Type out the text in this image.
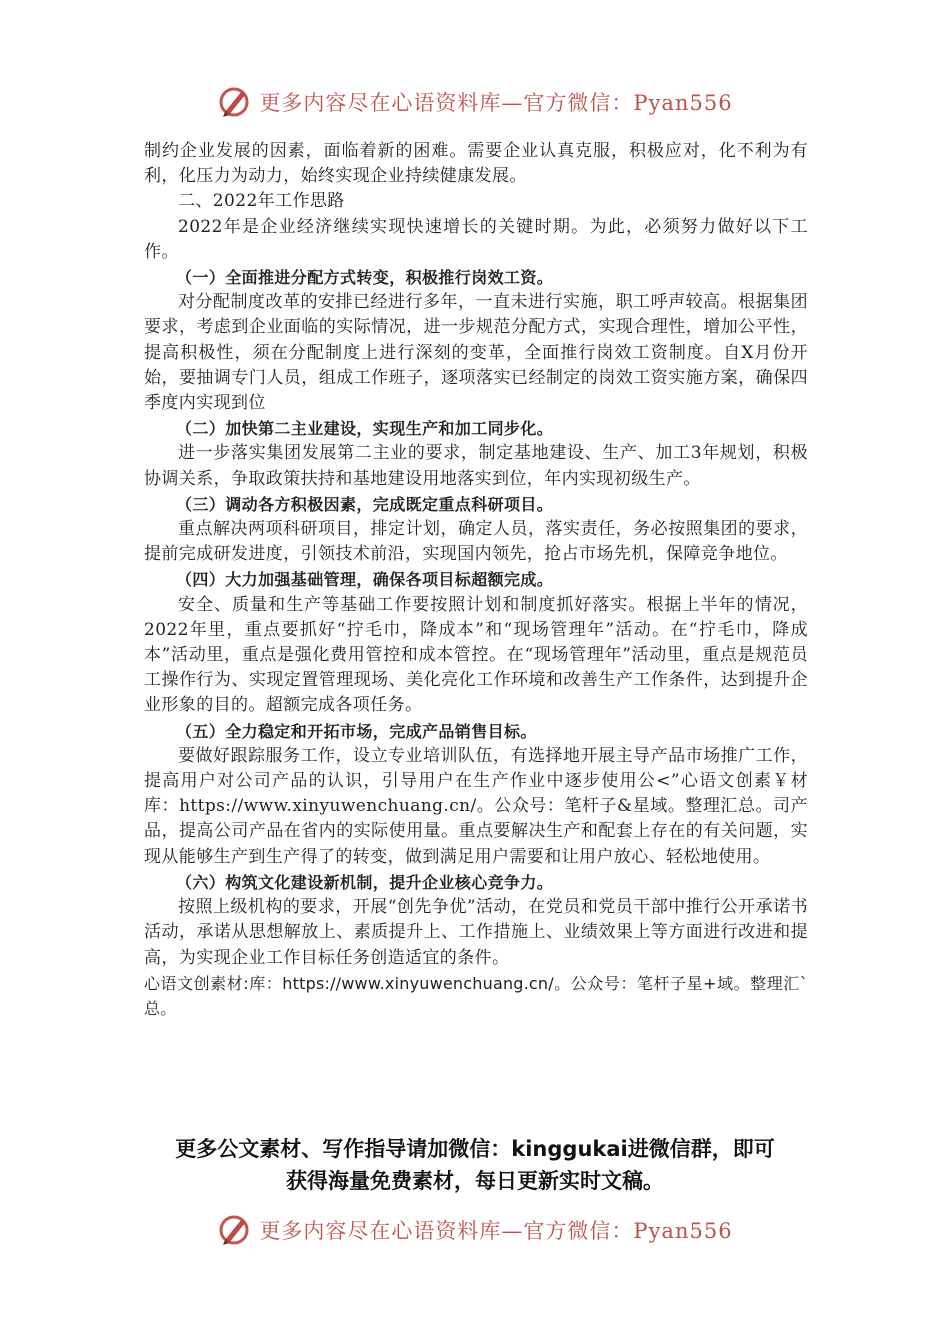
更多内容尽在心语资料库—官方微信：Pyan556

制约企业发展的因素，面临着新的困难。需要企业认真克服，积极应对，化不利为有利，化压力为动力，始终实现企业持续健康发展。

二、2022年工作思路

2022年是企业经济继续实现快速增长的关键时期。为此，必须努力做好以下工作。

（一）全面推进分配方式转变，积极推行岗效工资。

对分配制度改革的安排已经进行多年，一直未进行实施，职工呼声较高。根据集团要求，考虑到企业面临的实际情况，进一步规范分配方式，实现合理性，增加公平性，提高积极性，须在分配制度上进行深刻的变革，全面推行岗效工资制度。自X月份开始，要抽调专门人员，组成工作班子，逐项落实已经制定的岗效工资实施方案，确保四季度内实现到位

（二）加快第二主业建设，实现生产和加工同步化。

进一步落实集团发展第二主业的要求，制定基地建设、生产、加工3年规划，积极协调关系，争取政策扶持和基地建设用地落实到位，年内实现初级生产。

（三）调动各方积极因素，完成既定重点科研项目。

重点解决两项科研项目，排定计划，确定人员，落实责任，务必按照集团的要求，提前完成研发进度，引领技术前沿，实现国内领先，抢占市场先机，保障竞争地位。

（四）大力加强基础管理，确保各项目标超额完成。

安全、质量和生产等基础工作要按照计划和制度抓好落实。根据上半年的情况，2022年里，重点要抓好“拧毛巾，降成本”和“现场管理年”活动。在“拧毛巾，降成本”活动里，重点是强化费用管控和成本管控。在“现场管理年”活动里，重点是规范员工操作行为、实现定置管理现场、美化亮化工作环境和改善生产工作条件，达到提升企业形象的目的。超额完成各项任务。

（五）全力稳定和开拓市场，完成产品销售目标。

要做好跟踪服务工作，设立专业培训队伍，有选择地开展主导产品市场推广工作，提高用户对公司产品的认识，引导用户在生产作业中逐步使用公<”心语文创素￥材库：https://www.xinyuwenchuang.cn/。公众号：笔杆子&星域。整理汇总。司产品，提高公司产品在省内的实际使用量。重点要解决生产和配套上存在的有关问题，实现从能够生产到生产得了的转变，做到满足用户需要和让用户放心、轻松地使用。

（六）构筑文化建设新机制，提升企业核心竞争力。

按照上级机构的要求，开展“创先争优”活动，在党员和党员干部中推行公开承诺书活动，承诺从思想解放上、素质提升上、工作措施上、业绩效果上等方面进行改进和提高，为实现企业工作目标任务创造适宜的条件。

心语文创素材:库：https://www.xinyuwenchuang.cn/。公众号：笔杆子星+域。整理汇`总。

更多公文素材、写作指导请加微信：kinggukai进微信群，即可
获得海量免费素材，每日更新实时文稿。
更多内容尽在心语资料库—官方微信：Pyan556
